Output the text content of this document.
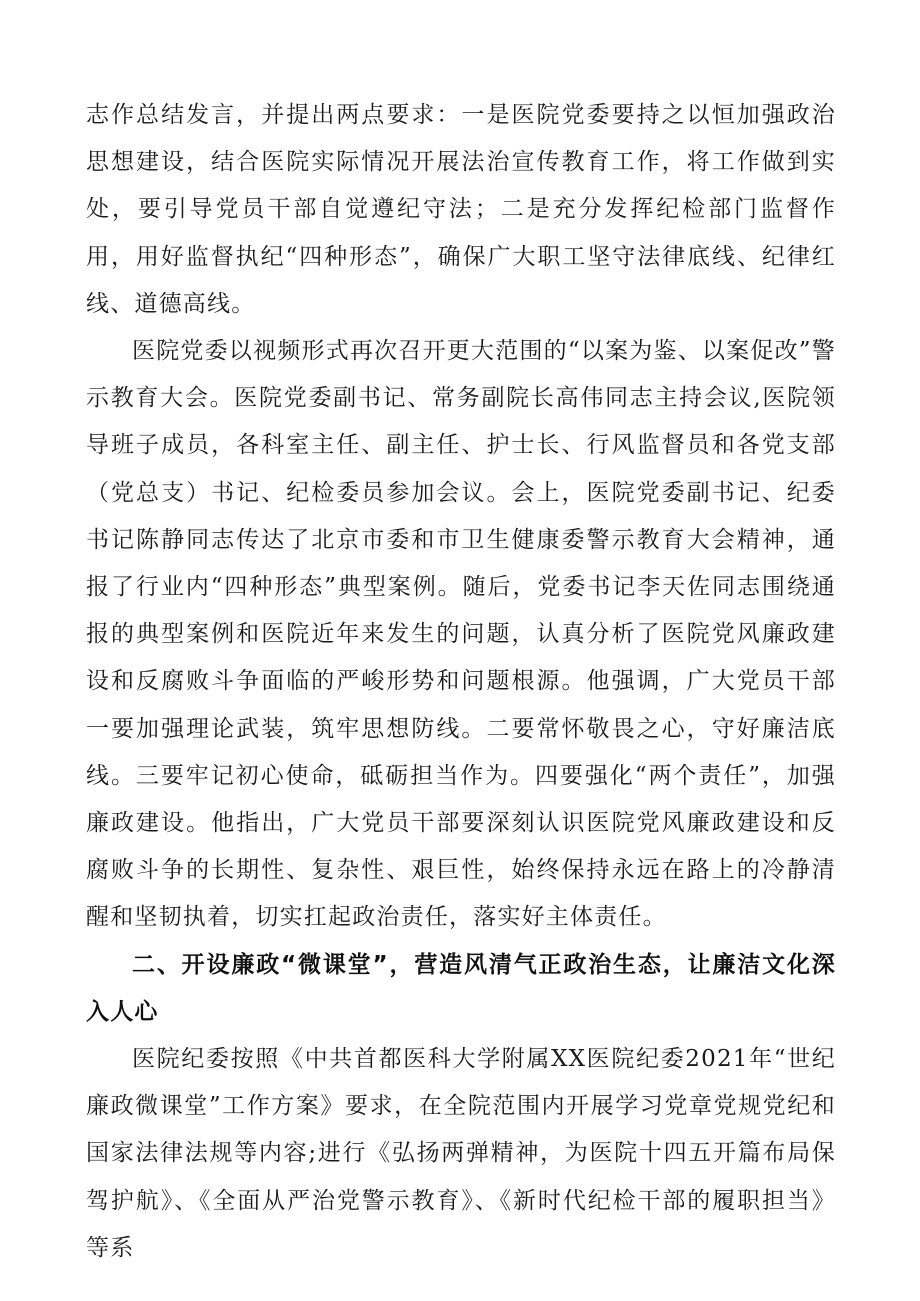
志作总结发言，并提出两点要求：一是医院党委要持之以恒加强政治思想建设，结合医院实际情况开展法治宣传教育工作，将工作做到实处，要引导党员干部自觉遵纪守法；二是充分发挥纪检部门监督作用，用好监督执纪“四种形态”，确保广大职工坚守法律底线、纪律红线、道德高线。

医院党委以视频形式再次召开更大范围的“以案为鉴、以案促改”警示教育大会。医院党委副书记、常务副院长高伟同志主持会议,医院领导班子成员，各科室主任、副主任、护士长、行风监督员和各党支部（党总支）书记、纪检委员参加会议。会上，医院党委副书记、纪委书记陈静同志传达了北京市委和市卫生健康委警示教育大会精神，通报了行业内“四种形态”典型案例。随后，党委书记李天佐同志围绕通报的典型案例和医院近年来发生的问题，认真分析了医院党风廉政建设和反腐败斗争面临的严峻形势和问题根源。他强调，广大党员干部一要加强理论武装，筑牢思想防线。二要常怀敬畏之心，守好廉洁底线。三要牢记初心使命，砥砺担当作为。四要强化“两个责任”，加强廉政建设。他指出，广大党员干部要深刻认识医院党风廉政建设和反腐败斗争的长期性、复杂性、艰巨性，始终保持永远在路上的冷静清醒和坚韧执着，切实扛起政治责任，落实好主体责任。

二、开设廉政“微课堂”，营造风清气正政治生态，让廉洁文化深入人心

医院纪委按照《中共首都医科大学附属XX医院纪委2021年“世纪廉政微课堂”工作方案》要求，在全院范围内开展学习党章党规党纪和国家法律法规等内容;进行《弘扬两弹精神，为医院十四五开篇布局保驾护航》、《全面从严治党警示教育》、《新时代纪检干部的履职担当》等系
